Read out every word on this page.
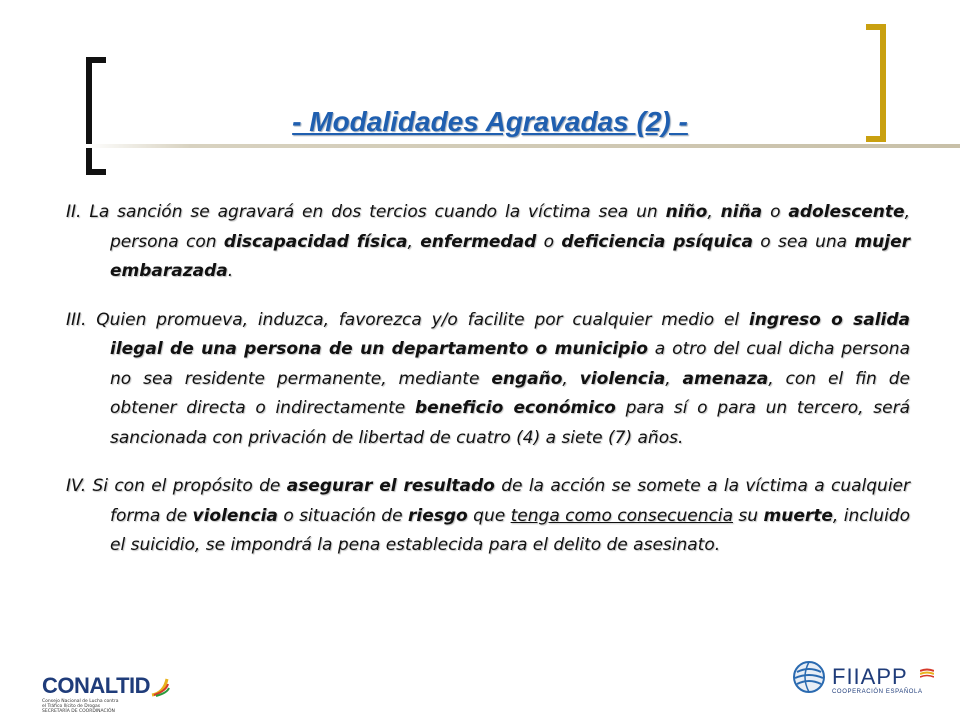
- Modalidades Agravadas (2) -

II. La sanción se agravará en dos tercios cuando la víctima sea un niño, niña o adolescente, persona con discapacidad física, enfermedad o deficiencia psíquica o sea una mujer embarazada.

III. Quien promueva, induzca, favorezca y/o facilite por cualquier medio el ingreso o salida ilegal de una persona de un departamento o municipio a otro del cual dicha persona no sea residente permanente, mediante engaño, violencia, amenaza, con el fin de obtener directa o indirectamente beneficio económico para sí o para un tercero, será sancionada con privación de libertad de cuatro (4) a siete (7) años.

IV. Si con el propósito de asegurar el resultado de la acción se somete a la víctima a cualquier forma de violencia o situación de riesgo que tenga como consecuencia su muerte, incluido el suicidio, se impondrá la pena establecida para el delito de asesinato.

CONALTID
Consejo Nacional de Lucha contra
el Tráfico Ilícito de Drogas
SECRETARÍA DE COORDINACIÓN
FIIAPP
COOPERACIÓN ESPAÑOLA
